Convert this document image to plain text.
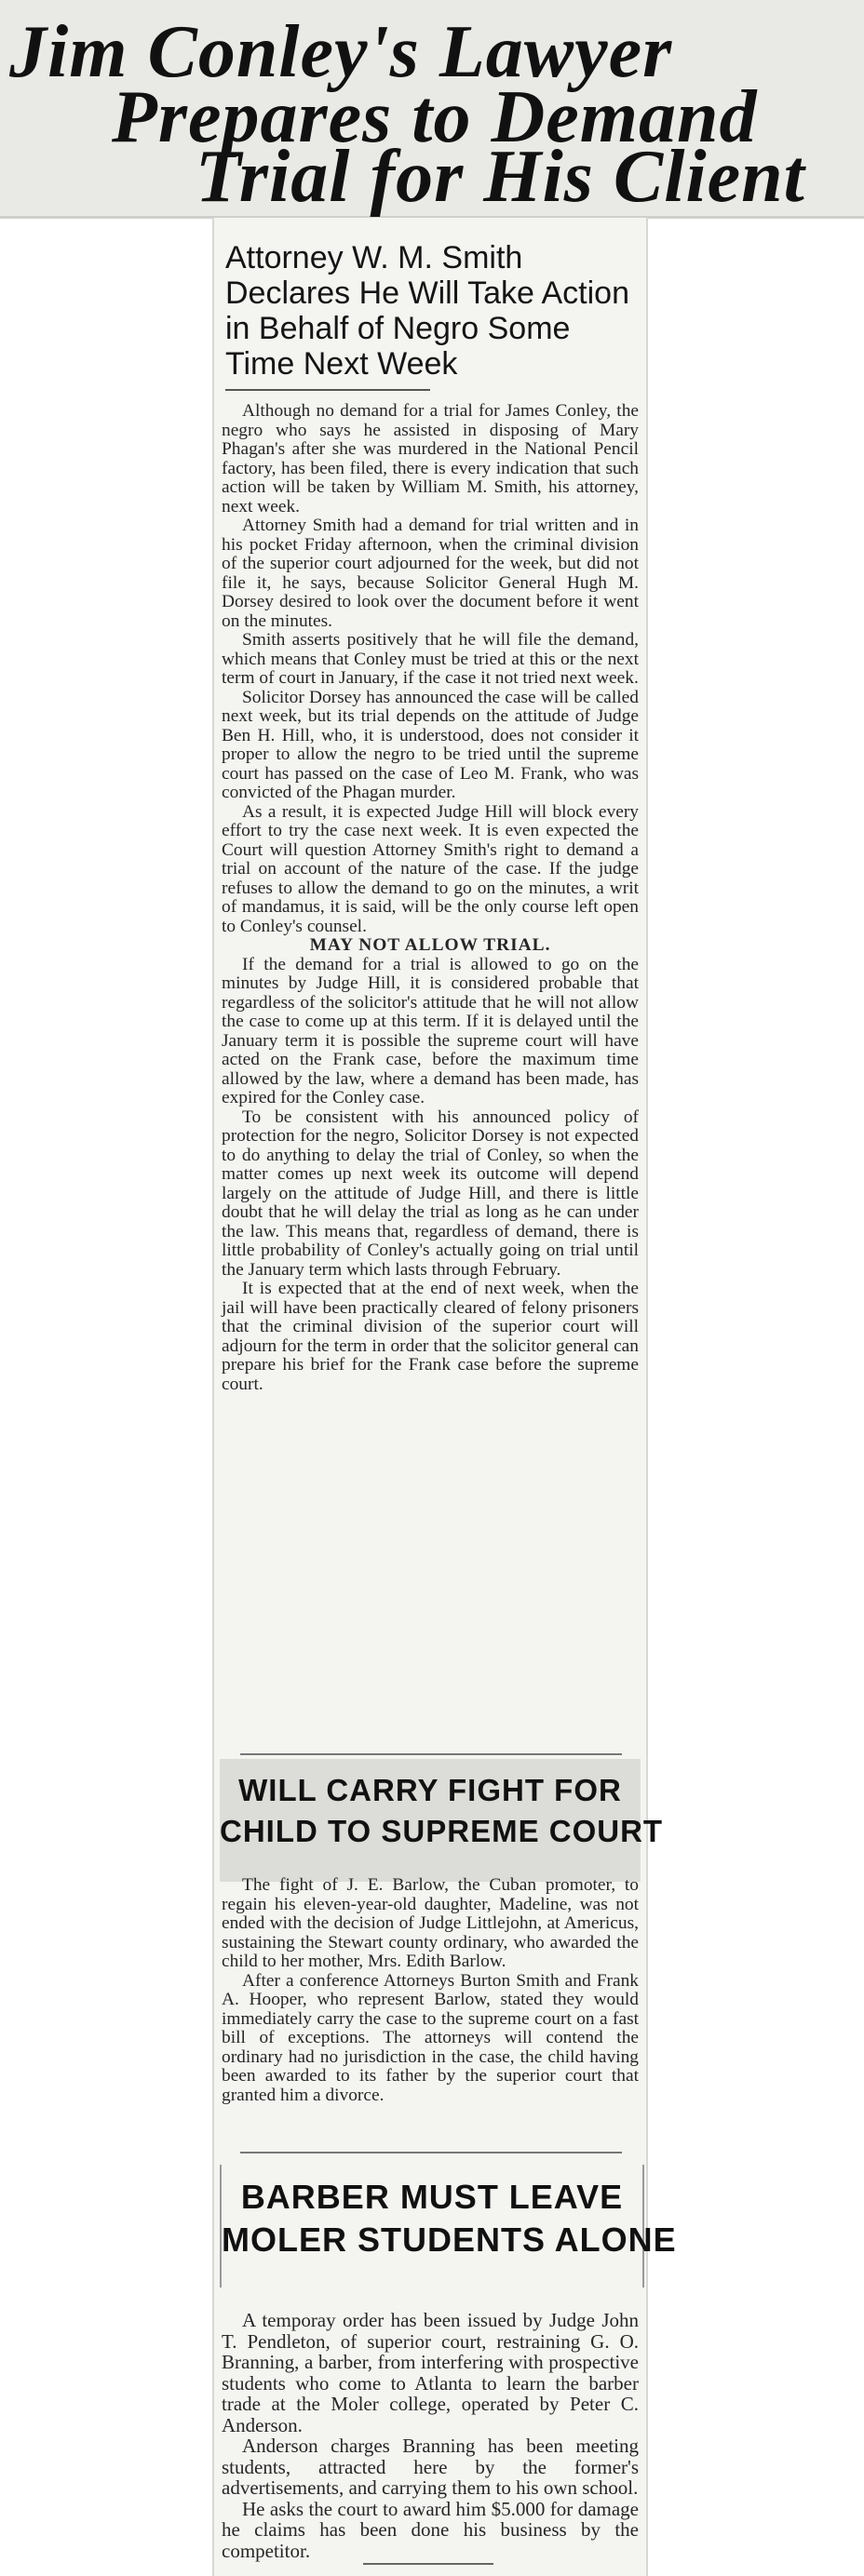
Jim Conley's Lawyer
Prepares to Demand
Trial for His Client
Attorney W. M. Smith Declares He Will Take Action in Behalf of Negro Some Time Next Week

Although no demand for a trial for James Conley, the negro who says he assisted in disposing of Mary Phagan's after she was murdered in the National Pencil factory, has been filed, there is every indication that such action will be taken by William M. Smith, his attorney, next week.

Attorney Smith had a demand for trial written and in his pocket Friday afternoon, when the criminal division of the superior court adjourned for the week, but did not file it, he says, because Solicitor General Hugh M. Dorsey desired to look over the document before it went on the minutes.

Smith asserts positively that he will file the demand, which means that Conley must be tried at this or the next term of court in January, if the case it not tried next week.

Solicitor Dorsey has announced the case will be called next week, but its trial depends on the attitude of Judge Ben H. Hill, who, it is understood, does not consider it proper to allow the negro to be tried until the supreme court has passed on the case of Leo M. Frank, who was convicted of the Phagan murder.

As a result, it is expected Judge Hill will block every effort to try the case next week. It is even expected the Court will question Attorney Smith's right to demand a trial on account of the nature of the case. If the judge refuses to allow the demand to go on the minutes, a writ of mandamus, it is said, will be the only course left open to Conley's counsel.

MAY NOT ALLOW TRIAL.

If the demand for a trial is allowed to go on the minutes by Judge Hill, it is considered probable that regardless of the solicitor's attitude that he will not allow the case to come up at this term. If it is delayed until the January term it is possible the supreme court will have acted on the Frank case, before the maximum time allowed by the law, where a demand has been made, has expired for the Conley case.

To be consistent with his announced policy of protection for the negro, Solicitor Dorsey is not expected to do anything to delay the trial of Conley, so when the matter comes up next week its outcome will depend largely on the attitude of Judge Hill, and there is little doubt that he will delay the trial as long as he can under the law. This means that, regardless of demand, there is little probability of Conley's actually going on trial until the January term which lasts through February.

It is expected that at the end of next week, when the jail will have been practically cleared of felony prisoners that the criminal division of the superior court will adjourn for the term in order that the solicitor general can prepare his brief for the Frank case before the supreme court.

WILL CARRY FIGHT FOR
CHILD TO SUPREME COURT

The fight of J. E. Barlow, the Cuban promoter, to regain his eleven-year-old daughter, Madeline, was not ended with the decision of Judge Littlejohn, at Americus, sustaining the Stewart county ordinary, who awarded the child to her mother, Mrs. Edith Barlow.

After a conference Attorneys Burton Smith and Frank A. Hooper, who represent Barlow, stated they would immediately carry the case to the supreme court on a fast bill of exceptions. The attorneys will contend the ordinary had no jurisdiction in the case, the child having been awarded to its father by the superior court that granted him a divorce.

BARBER MUST LEAVE
MOLER STUDENTS ALONE

A temporay order has been issued by Judge John T. Pendleton, of superior court, restraining G. O. Branning, a barber, from interfering with prospective students who come to Atlanta to learn the barber trade at the Moler college, operated by Peter C. Anderson.

Anderson charges Branning has been meeting students, attracted here by the former's advertisements, and carrying them to his own school.

He asks the court to award him $5.000 for damage he claims has been done his business by the competitor.
